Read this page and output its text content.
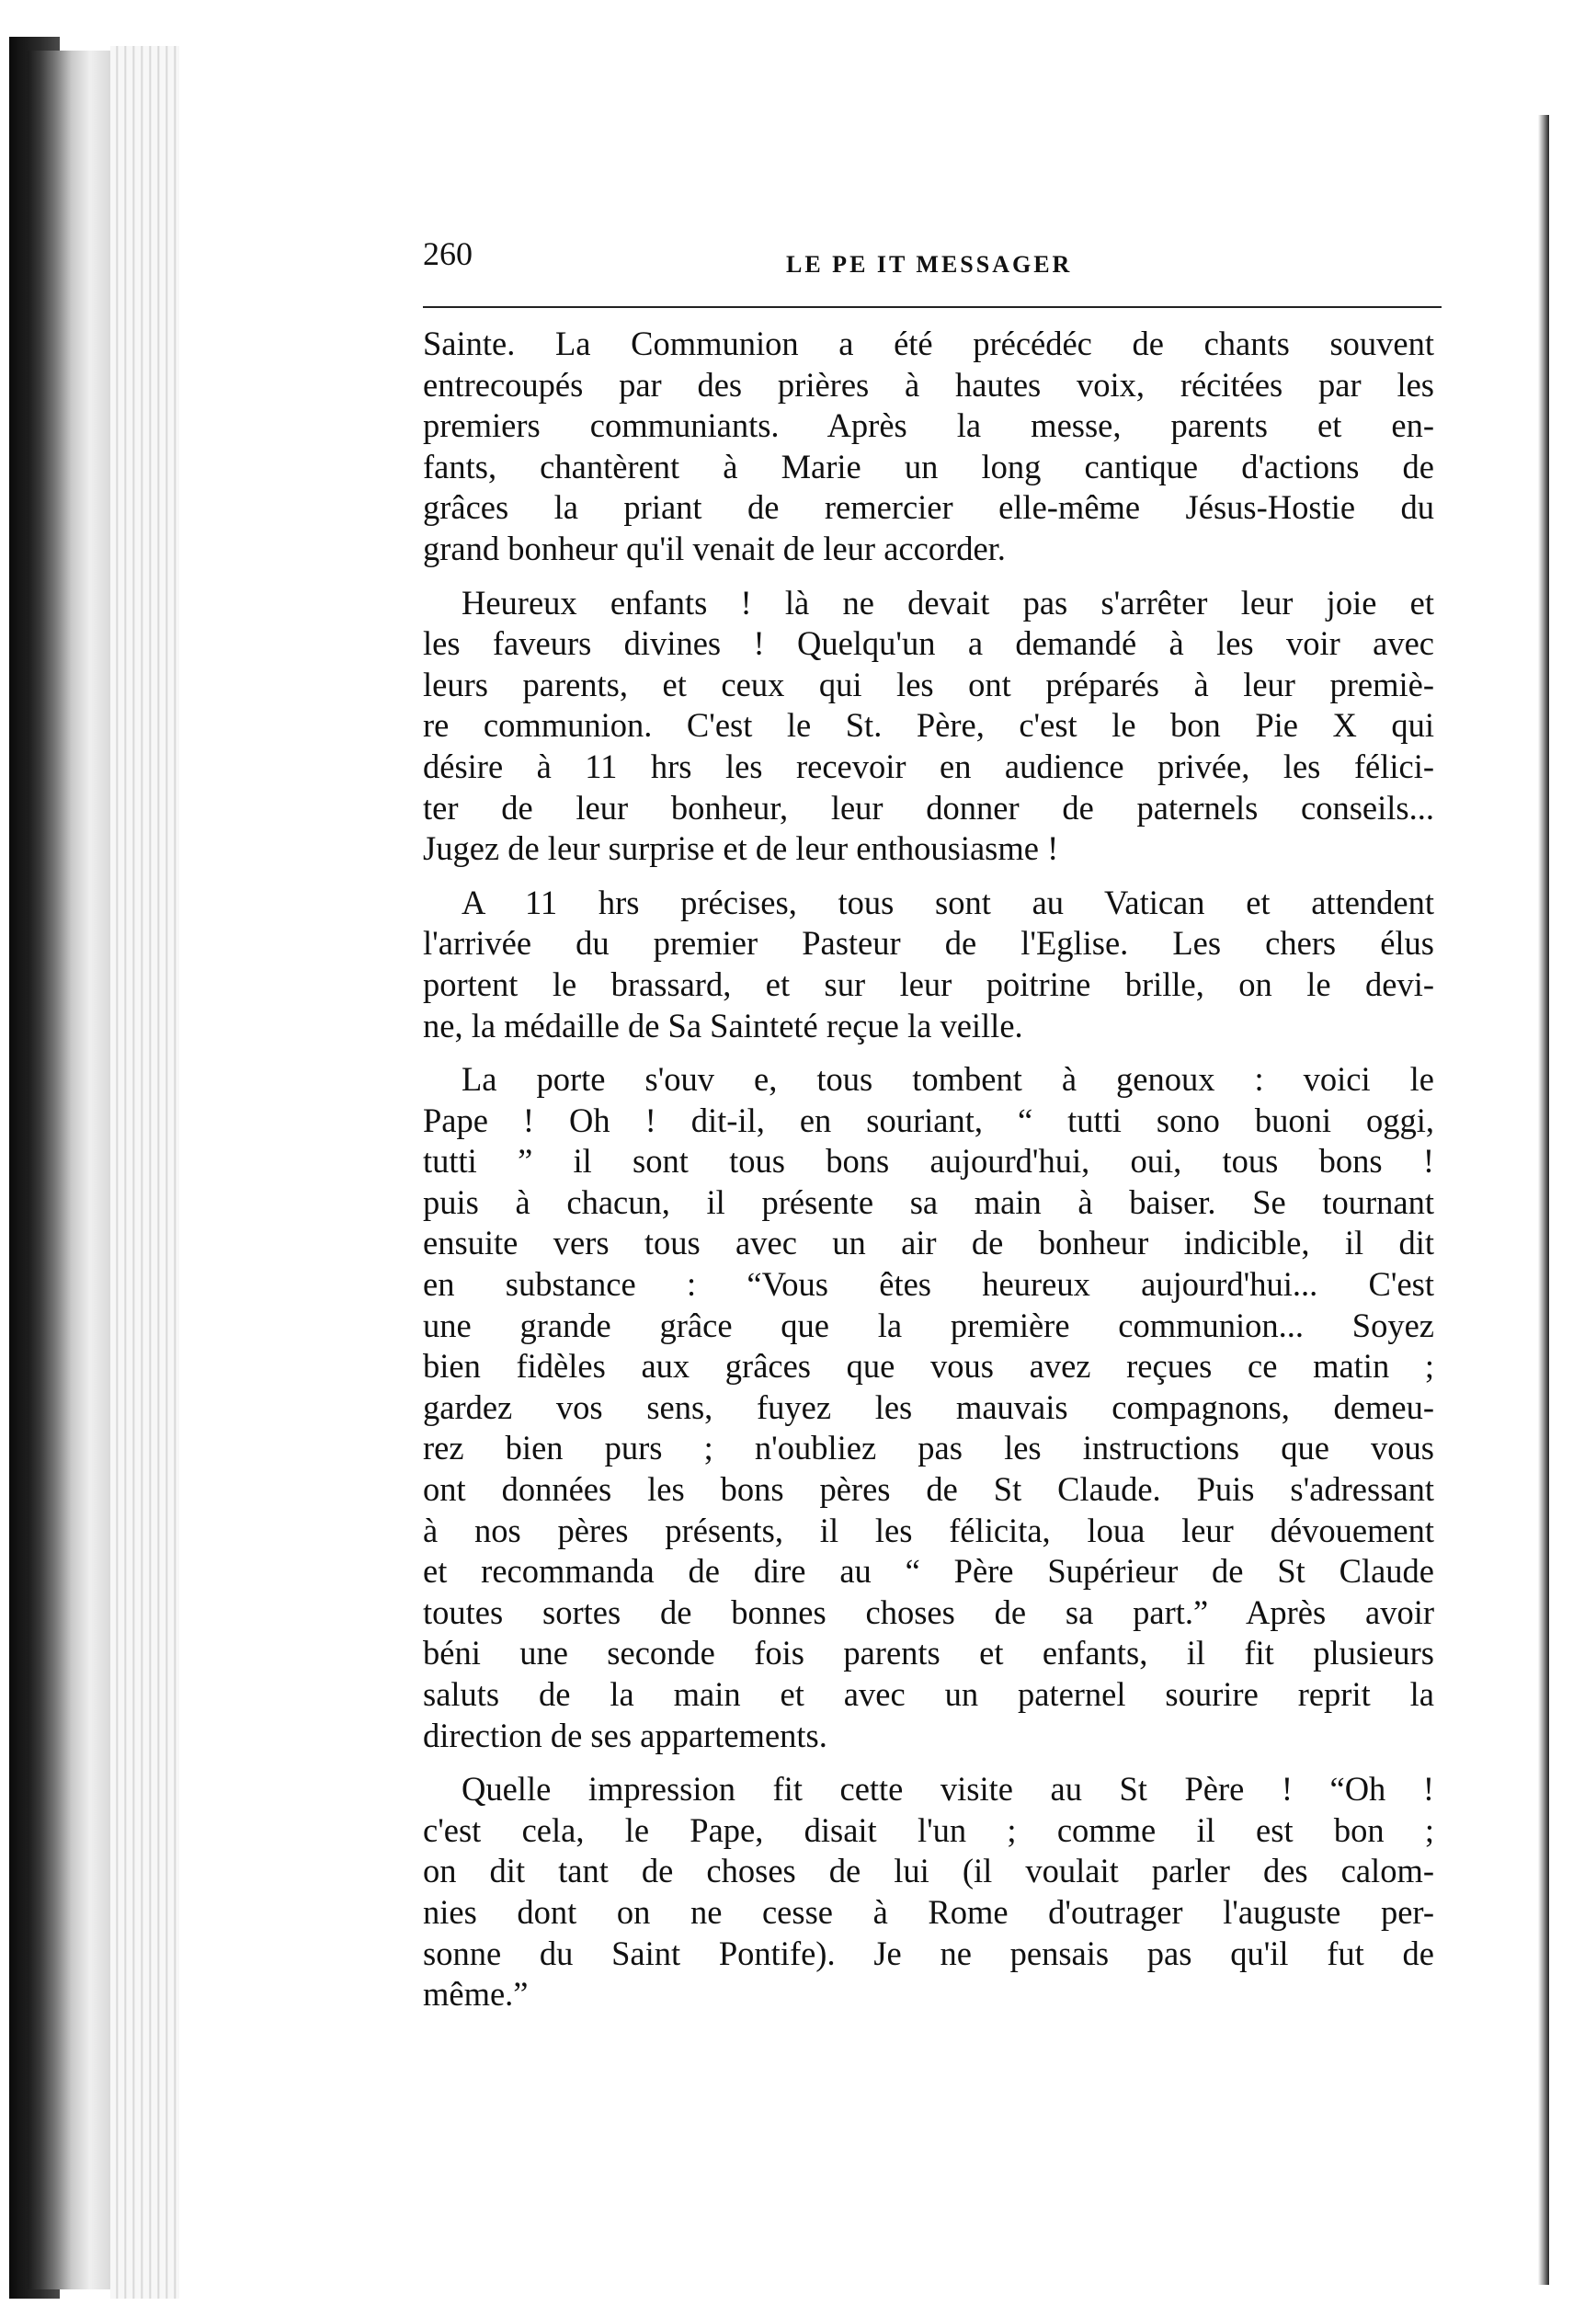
260	LE PE IT MESSAGER

Sainte. La Communion a été précédéc de chants souvent
entrecoupés par des prières à hautes voix, récitées par les
premiers communiants. Après la messe, parents et en-
fants, chantèrent à Marie un long cantique d'actions de
grâces la priant de remercier elle-même Jésus-Hostie du
grand bonheur qu'il venait de leur accorder.

Heureux enfants ! là ne devait pas s'arrêter leur joie et
les faveurs divines ! Quelqu'un a demandé à les voir avec
leurs parents, et ceux qui les ont préparés à leur premiè-
re communion. C'est le St. Père, c'est le bon Pie X qui
désire à 11 hrs les recevoir en audience privée, les félici-
ter de leur bonheur, leur donner de paternels conseils...
Jugez de leur surprise et de leur enthousiasme !

A 11 hrs précises, tous sont au Vatican et attendent
l'arrivée du premier Pasteur de l'Eglise. Les chers élus
portent le brassard, et sur leur poitrine brille, on le devi-
ne, la médaille de Sa Sainteté reçue la veille.

La porte s'ouv e, tous tombent à genoux : voici le
Pape ! Oh ! dit-il, en souriant, “ tutti sono buoni oggi,
tutti ” il sont tous bons aujourd'hui, oui, tous bons !
puis à chacun, il présente sa main à baiser. Se tournant
ensuite vers tous avec un air de bonheur indicible, il dit
en substance : “Vous êtes heureux aujourd'hui... C'est
une grande grâce que la première communion... Soyez
bien fidèles aux grâces que vous avez reçues ce matin ;
gardez vos sens, fuyez les mauvais compagnons, demeu-
rez bien purs ; n'oubliez pas les instructions que vous
ont données les bons pères de St Claude. Puis s'adressant
à nos pères présents, il les félicita, loua leur dévouement
et recommanda de dire au “ Père Supérieur de St Claude
toutes sortes de bonnes choses de sa part.” Après avoir
béni une seconde fois parents et enfants, il fit plusieurs
saluts de la main et avec un paternel sourire reprit la
direction de ses appartements.

Quelle impression fit cette visite au St Père ! “Oh !
c'est cela, le Pape, disait l'un ; comme il est bon ;
on dit tant de choses de lui (il voulait parler des calom-
nies dont on ne cesse à Rome d'outrager l'auguste per-
sonne du Saint Pontife). Je ne pensais pas qu'il fut de
même.”
